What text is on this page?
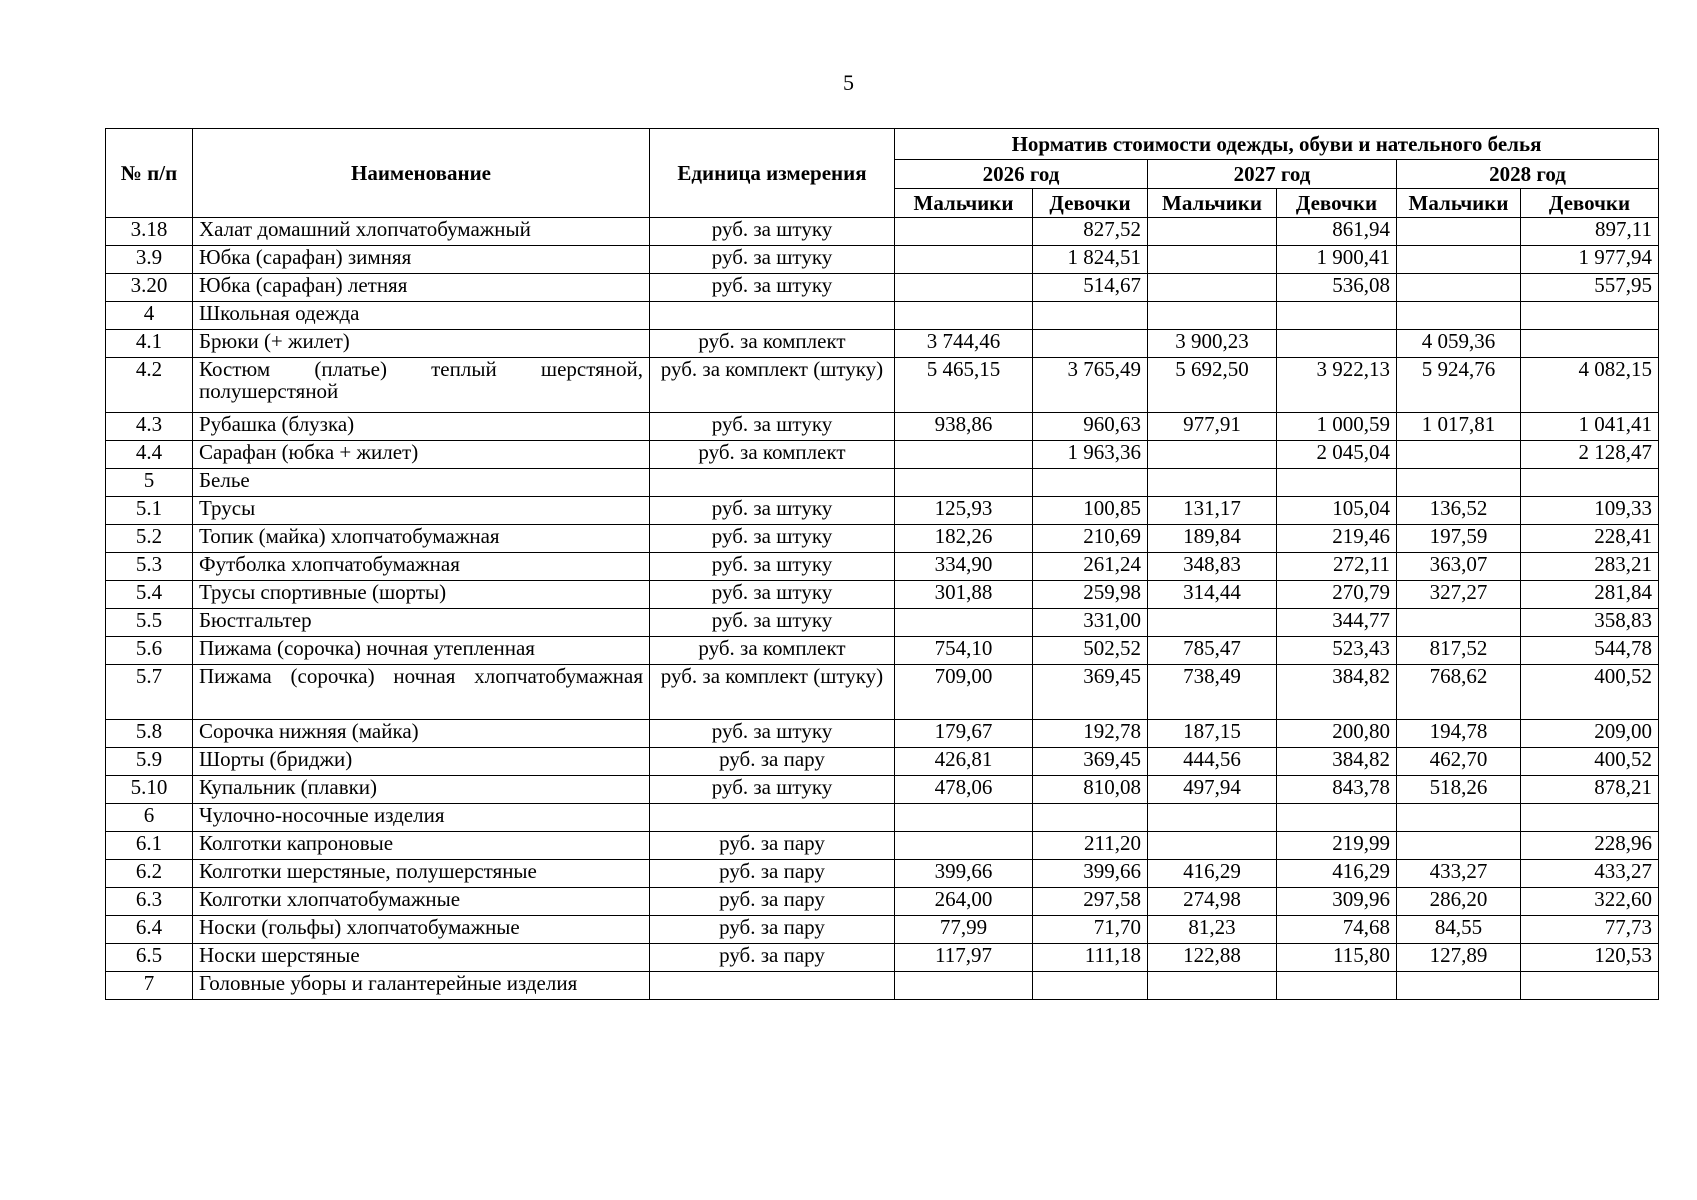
5
№ п/п	Наименование	Единица измерения	Норматив стоимости одежды, обуви и нательного белья					
			2026 год		2027 год		2028 год	
			Мальчики	Девочки	Мальчики	Девочки	Мальчики	Девочки
3.18	Халат домашний хлопчатобумажный	руб. за штуку		827,52		861,94		897,11
3.9	Юбка (сарафан) зимняя	руб. за штуку		1 824,51		1 900,41		1 977,94
3.20	Юбка (сарафан) летняя	руб. за штуку		514,67		536,08		557,95
4	Школьная одежда							
4.1	Брюки (+ жилет)	руб. за комплект	3 744,46		3 900,23		4 059,36	
4.2	Костюм (платье) теплый шерстяной, полушерстяной	руб. за комплект (штуку)	5 465,15	3 765,49	5 692,50	3 922,13	5 924,76	4 082,15
4.3	Рубашка (блузка)	руб. за штуку	938,86	960,63	977,91	1 000,59	1 017,81	1 041,41
4.4	Сарафан (юбка + жилет)	руб. за комплект		1 963,36		2 045,04		2 128,47
5	Белье							
5.1	Трусы	руб. за штуку	125,93	100,85	131,17	105,04	136,52	109,33
5.2	Топик (майка) хлопчатобумажная	руб. за штуку	182,26	210,69	189,84	219,46	197,59	228,41
5.3	Футболка хлопчатобумажная	руб. за штуку	334,90	261,24	348,83	272,11	363,07	283,21
5.4	Трусы спортивные (шорты)	руб. за штуку	301,88	259,98	314,44	270,79	327,27	281,84
5.5	Бюстгальтер	руб. за штуку		331,00		344,77		358,83
5.6	Пижама (сорочка) ночная утепленная	руб. за комплект	754,10	502,52	785,47	523,43	817,52	544,78
5.7	Пижама (сорочка) ночная хлопчатобумажная	руб. за комплект (штуку)	709,00	369,45	738,49	384,82	768,62	400,52
5.8	Сорочка нижняя (майка)	руб. за штуку	179,67	192,78	187,15	200,80	194,78	209,00
5.9	Шорты (бриджи)	руб. за пару	426,81	369,45	444,56	384,82	462,70	400,52
5.10	Купальник (плавки)	руб. за штуку	478,06	810,08	497,94	843,78	518,26	878,21
6	Чулочно-носочные изделия							
6.1	Колготки капроновые	руб. за пару		211,20		219,99		228,96
6.2	Колготки шерстяные, полушерстяные	руб. за пару	399,66	399,66	416,29	416,29	433,27	433,27
6.3	Колготки хлопчатобумажные	руб. за пару	264,00	297,58	274,98	309,96	286,20	322,60
6.4	Носки (гольфы) хлопчатобумажные	руб. за пару	77,99	71,70	81,23	74,68	84,55	77,73
6.5	Носки шерстяные	руб. за пару	117,97	111,18	122,88	115,80	127,89	120,53
7	Головные уборы и галантерейные изделия							
